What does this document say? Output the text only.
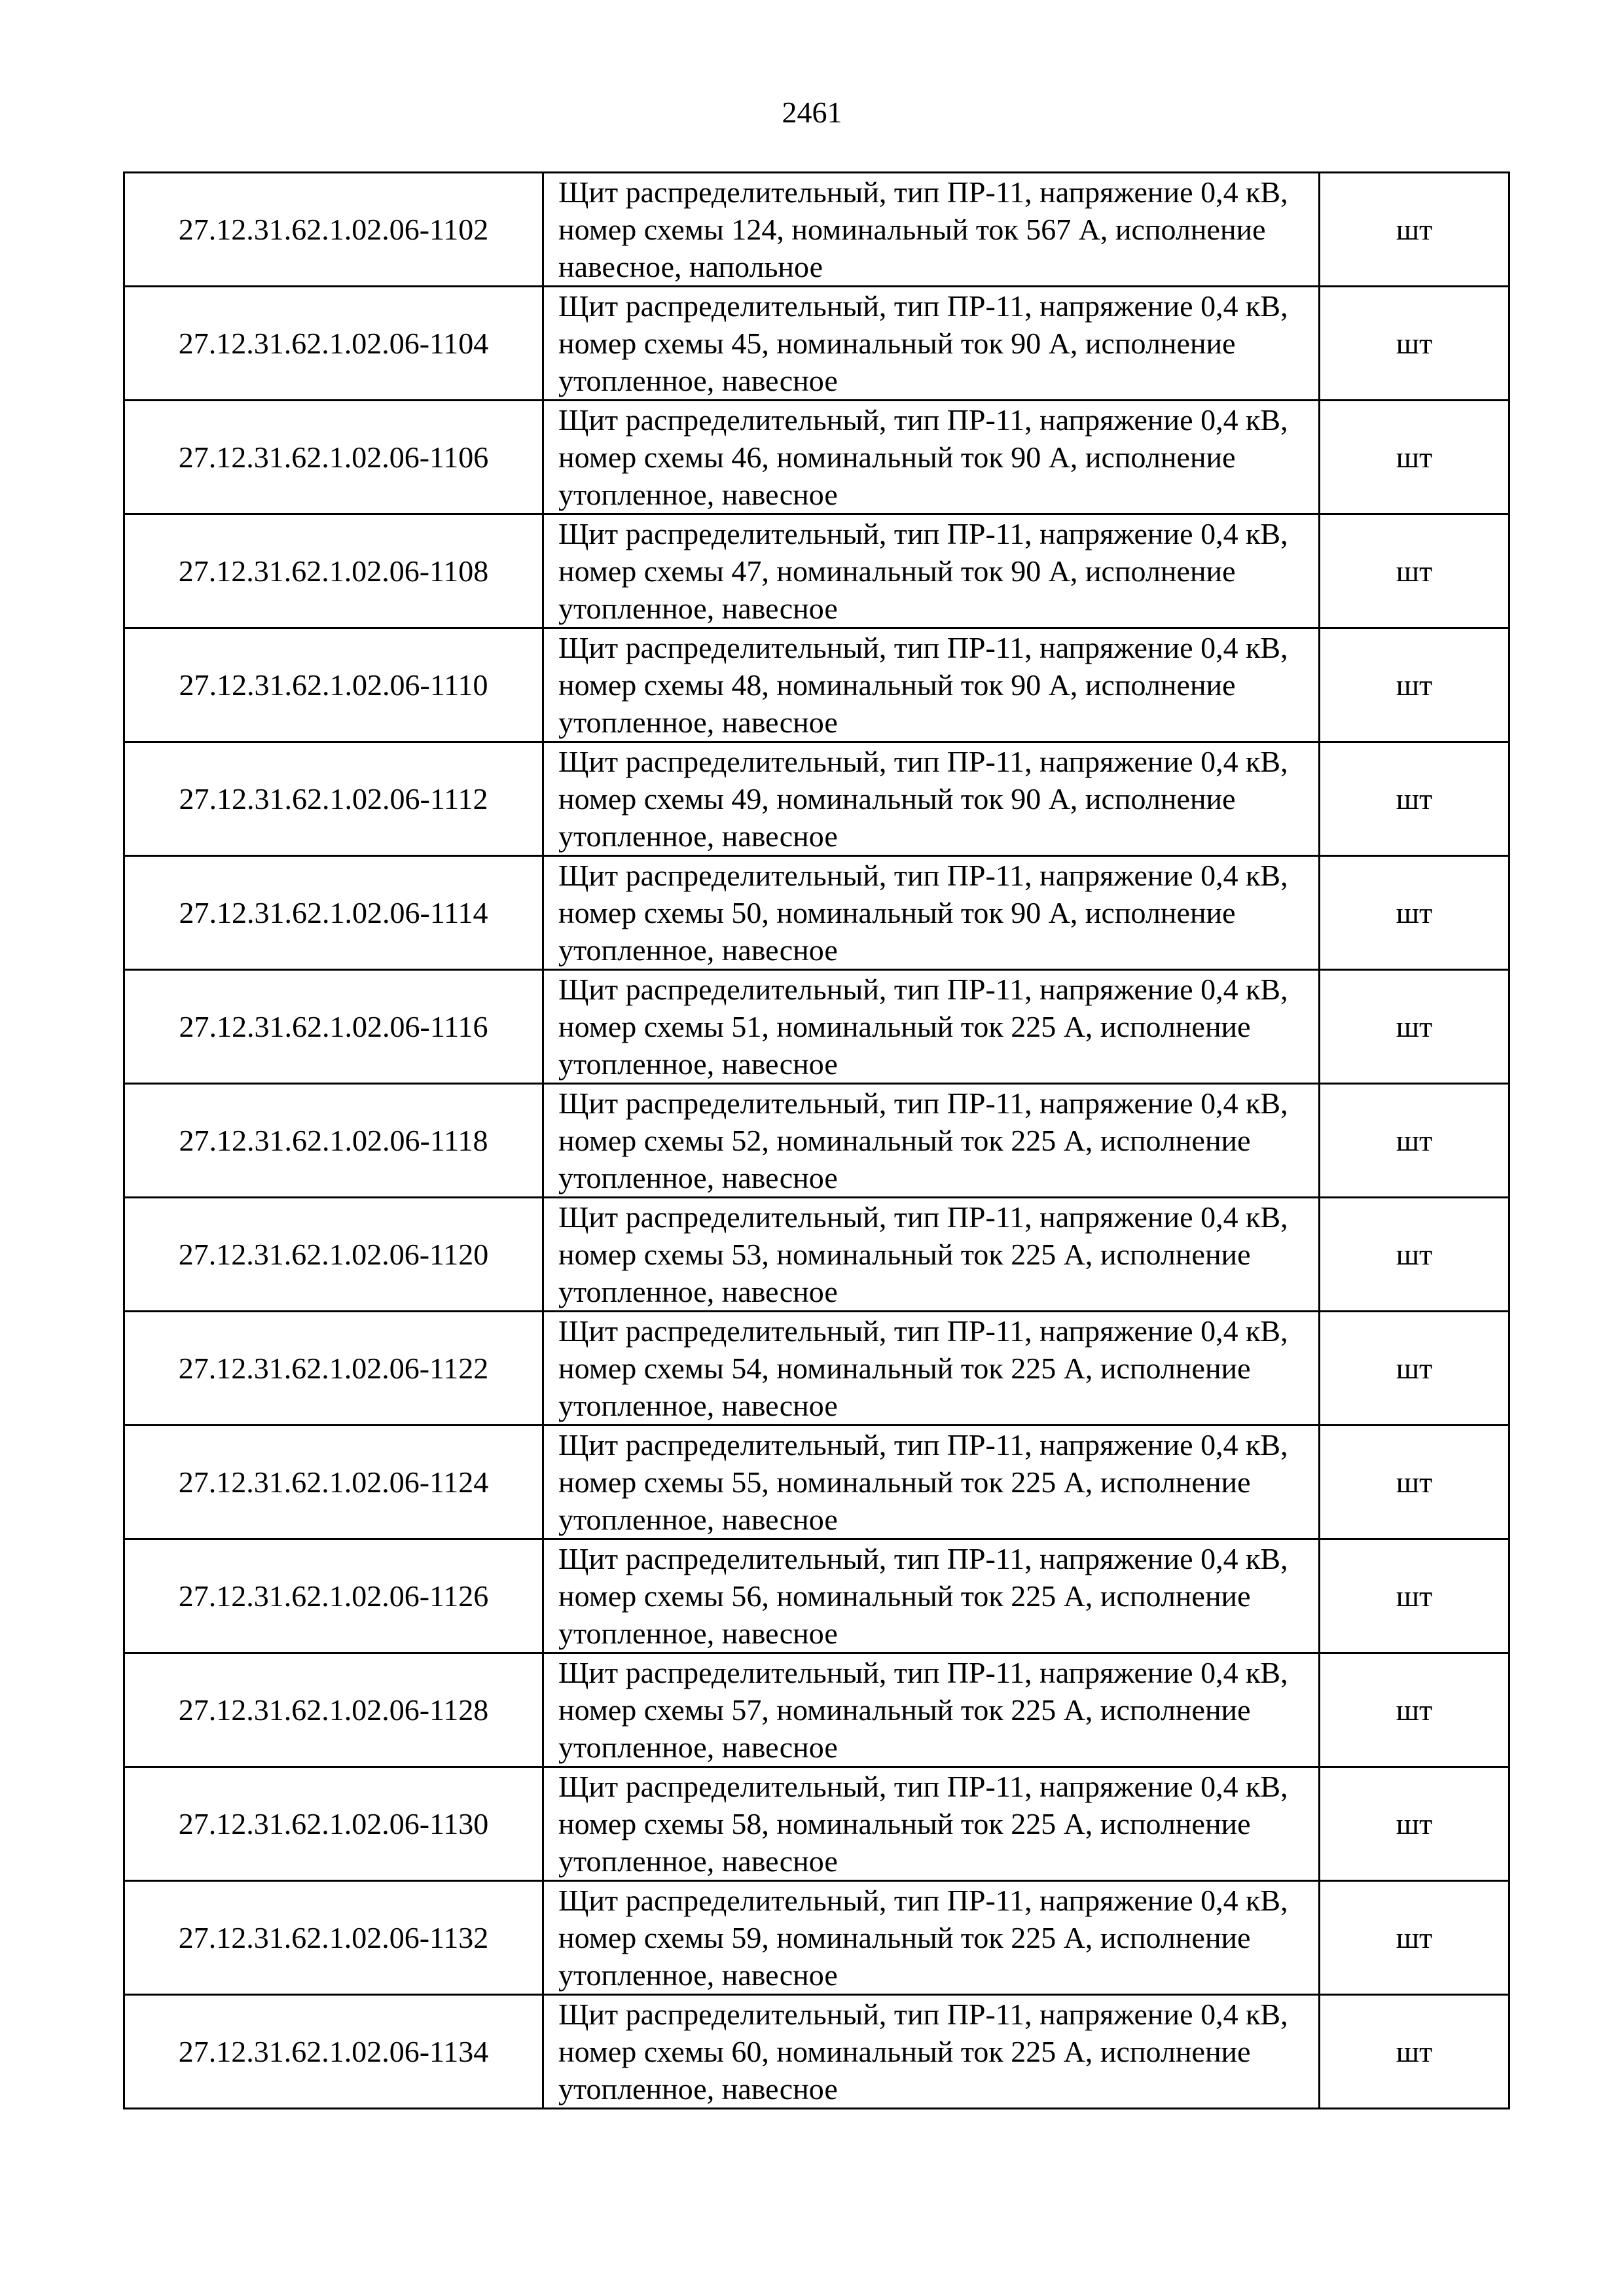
2461
27.12.31.62.1.02.06-1102	Щит распределительный, тип ПР-11, напряжение 0,4 кВ, номер схемы 124, номинальный ток 567 А, исполнение навесное, напольное	шт
27.12.31.62.1.02.06-1104	Щит распределительный, тип ПР-11, напряжение 0,4 кВ, номер схемы 45, номинальный ток 90 А, исполнение утопленное, навесное	шт
27.12.31.62.1.02.06-1106	Щит распределительный, тип ПР-11, напряжение 0,4 кВ, номер схемы 46, номинальный ток 90 А, исполнение утопленное, навесное	шт
27.12.31.62.1.02.06-1108	Щит распределительный, тип ПР-11, напряжение 0,4 кВ, номер схемы 47, номинальный ток 90 А, исполнение утопленное, навесное	шт
27.12.31.62.1.02.06-1110	Щит распределительный, тип ПР-11, напряжение 0,4 кВ, номер схемы 48, номинальный ток 90 А, исполнение утопленное, навесное	шт
27.12.31.62.1.02.06-1112	Щит распределительный, тип ПР-11, напряжение 0,4 кВ, номер схемы 49, номинальный ток 90 А, исполнение утопленное, навесное	шт
27.12.31.62.1.02.06-1114	Щит распределительный, тип ПР-11, напряжение 0,4 кВ, номер схемы 50, номинальный ток 90 А, исполнение утопленное, навесное	шт
27.12.31.62.1.02.06-1116	Щит распределительный, тип ПР-11, напряжение 0,4 кВ, номер схемы 51, номинальный ток 225 А, исполнение утопленное, навесное	шт
27.12.31.62.1.02.06-1118	Щит распределительный, тип ПР-11, напряжение 0,4 кВ, номер схемы 52, номинальный ток 225 А, исполнение утопленное, навесное	шт
27.12.31.62.1.02.06-1120	Щит распределительный, тип ПР-11, напряжение 0,4 кВ, номер схемы 53, номинальный ток 225 А, исполнение утопленное, навесное	шт
27.12.31.62.1.02.06-1122	Щит распределительный, тип ПР-11, напряжение 0,4 кВ, номер схемы 54, номинальный ток 225 А, исполнение утопленное, навесное	шт
27.12.31.62.1.02.06-1124	Щит распределительный, тип ПР-11, напряжение 0,4 кВ, номер схемы 55, номинальный ток 225 А, исполнение утопленное, навесное	шт
27.12.31.62.1.02.06-1126	Щит распределительный, тип ПР-11, напряжение 0,4 кВ, номер схемы 56, номинальный ток 225 А, исполнение утопленное, навесное	шт
27.12.31.62.1.02.06-1128	Щит распределительный, тип ПР-11, напряжение 0,4 кВ, номер схемы 57, номинальный ток 225 А, исполнение утопленное, навесное	шт
27.12.31.62.1.02.06-1130	Щит распределительный, тип ПР-11, напряжение 0,4 кВ, номер схемы 58, номинальный ток 225 А, исполнение утопленное, навесное	шт
27.12.31.62.1.02.06-1132	Щит распределительный, тип ПР-11, напряжение 0,4 кВ, номер схемы 59, номинальный ток 225 А, исполнение утопленное, навесное	шт
27.12.31.62.1.02.06-1134	Щит распределительный, тип ПР-11, напряжение 0,4 кВ, номер схемы 60, номинальный ток 225 А, исполнение утопленное, навесное	шт
